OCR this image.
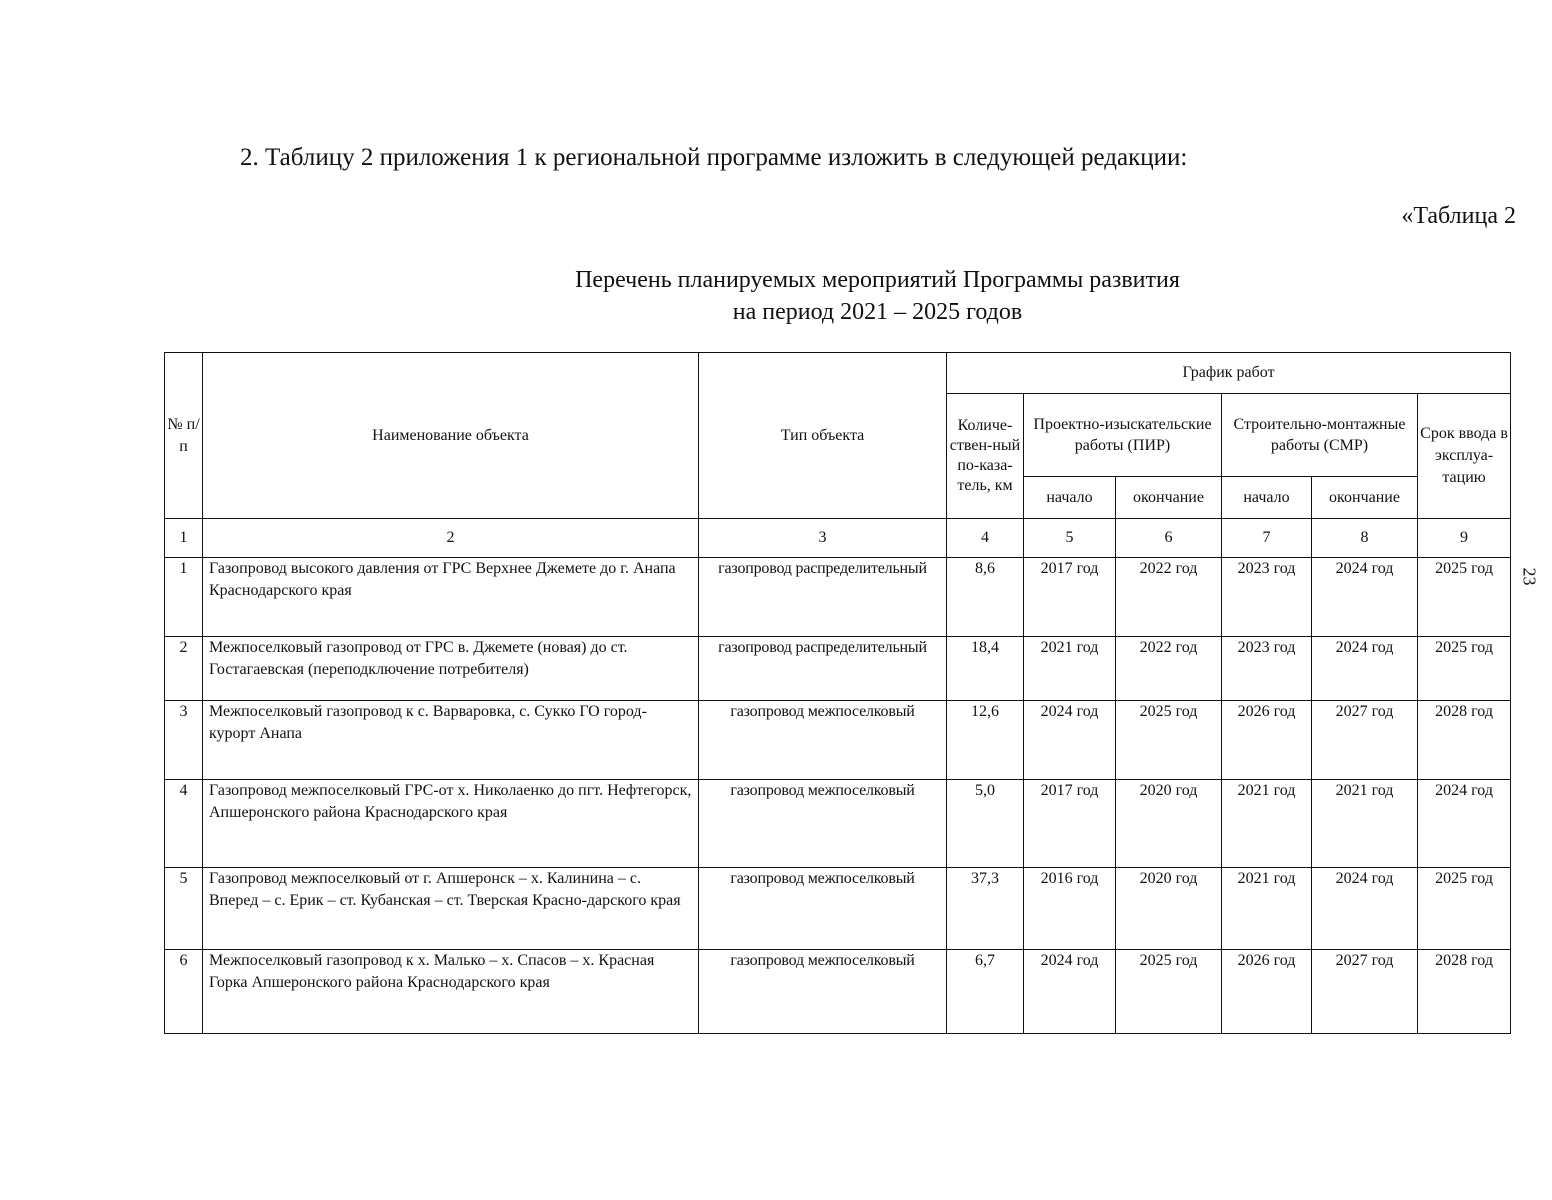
2. Таблицу 2 приложения 1 к региональной программе изложить в следующей редакции:
«Таблица 2
Перечень планируемых мероприятий Программы развития
на период 2021 – 2025 годов
23
№ п/п	Наименование объекта	Тип объекта	График работ					
			Количе-ствен-ный по-каза-тель, км	Проектно-изыскательские работы (ПИР)		Строительно-монтажные работы (СМР)		Срок ввода в эксплуа-тацию
				начало	окончание	начало	окончание	
1	2	3	4	5	6	7	8	9
1	Газопровод высокого давления от ГРС Верхнее Джемете до г. Анапа Краснодарского края	газопровод распределительный	8,6	2017 год	2022 год	2023 год	2024 год	2025 год
2	Межпоселковый газопровод от ГРС в. Джемете (новая) до ст. Гостагаевская (переподключение потребителя)	газопровод распределительный	18,4	2021 год	2022 год	2023 год	2024 год	2025 год
3	Межпоселковый газопровод к с. Варваровка, с. Сукко ГО город-курорт Анапа	газопровод межпоселковый	12,6	2024 год	2025 год	2026 год	2027 год	2028 год
4	Газопровод межпоселковый ГРС-от х. Николаенко до пгт. Нефтегорск, Апшеронского района Краснодарского края	газопровод межпоселковый	5,0	2017 год	2020 год	2021 год	2021 год	2024 год
5	Газопровод межпоселковый от г. Апшеронск – х. Калинина – с. Вперед – с. Ерик – ст. Кубанская – ст. Тверская Красно-дарского края	газопровод межпоселковый	37,3	2016 год	2020 год	2021 год	2024 год	2025 год
6	Межпоселковый газопровод к х. Малько – х. Спасов – х. Красная Горка Апшеронского района Краснодарского края	газопровод межпоселковый	6,7	2024 год	2025 год	2026 год	2027 год	2028 год
